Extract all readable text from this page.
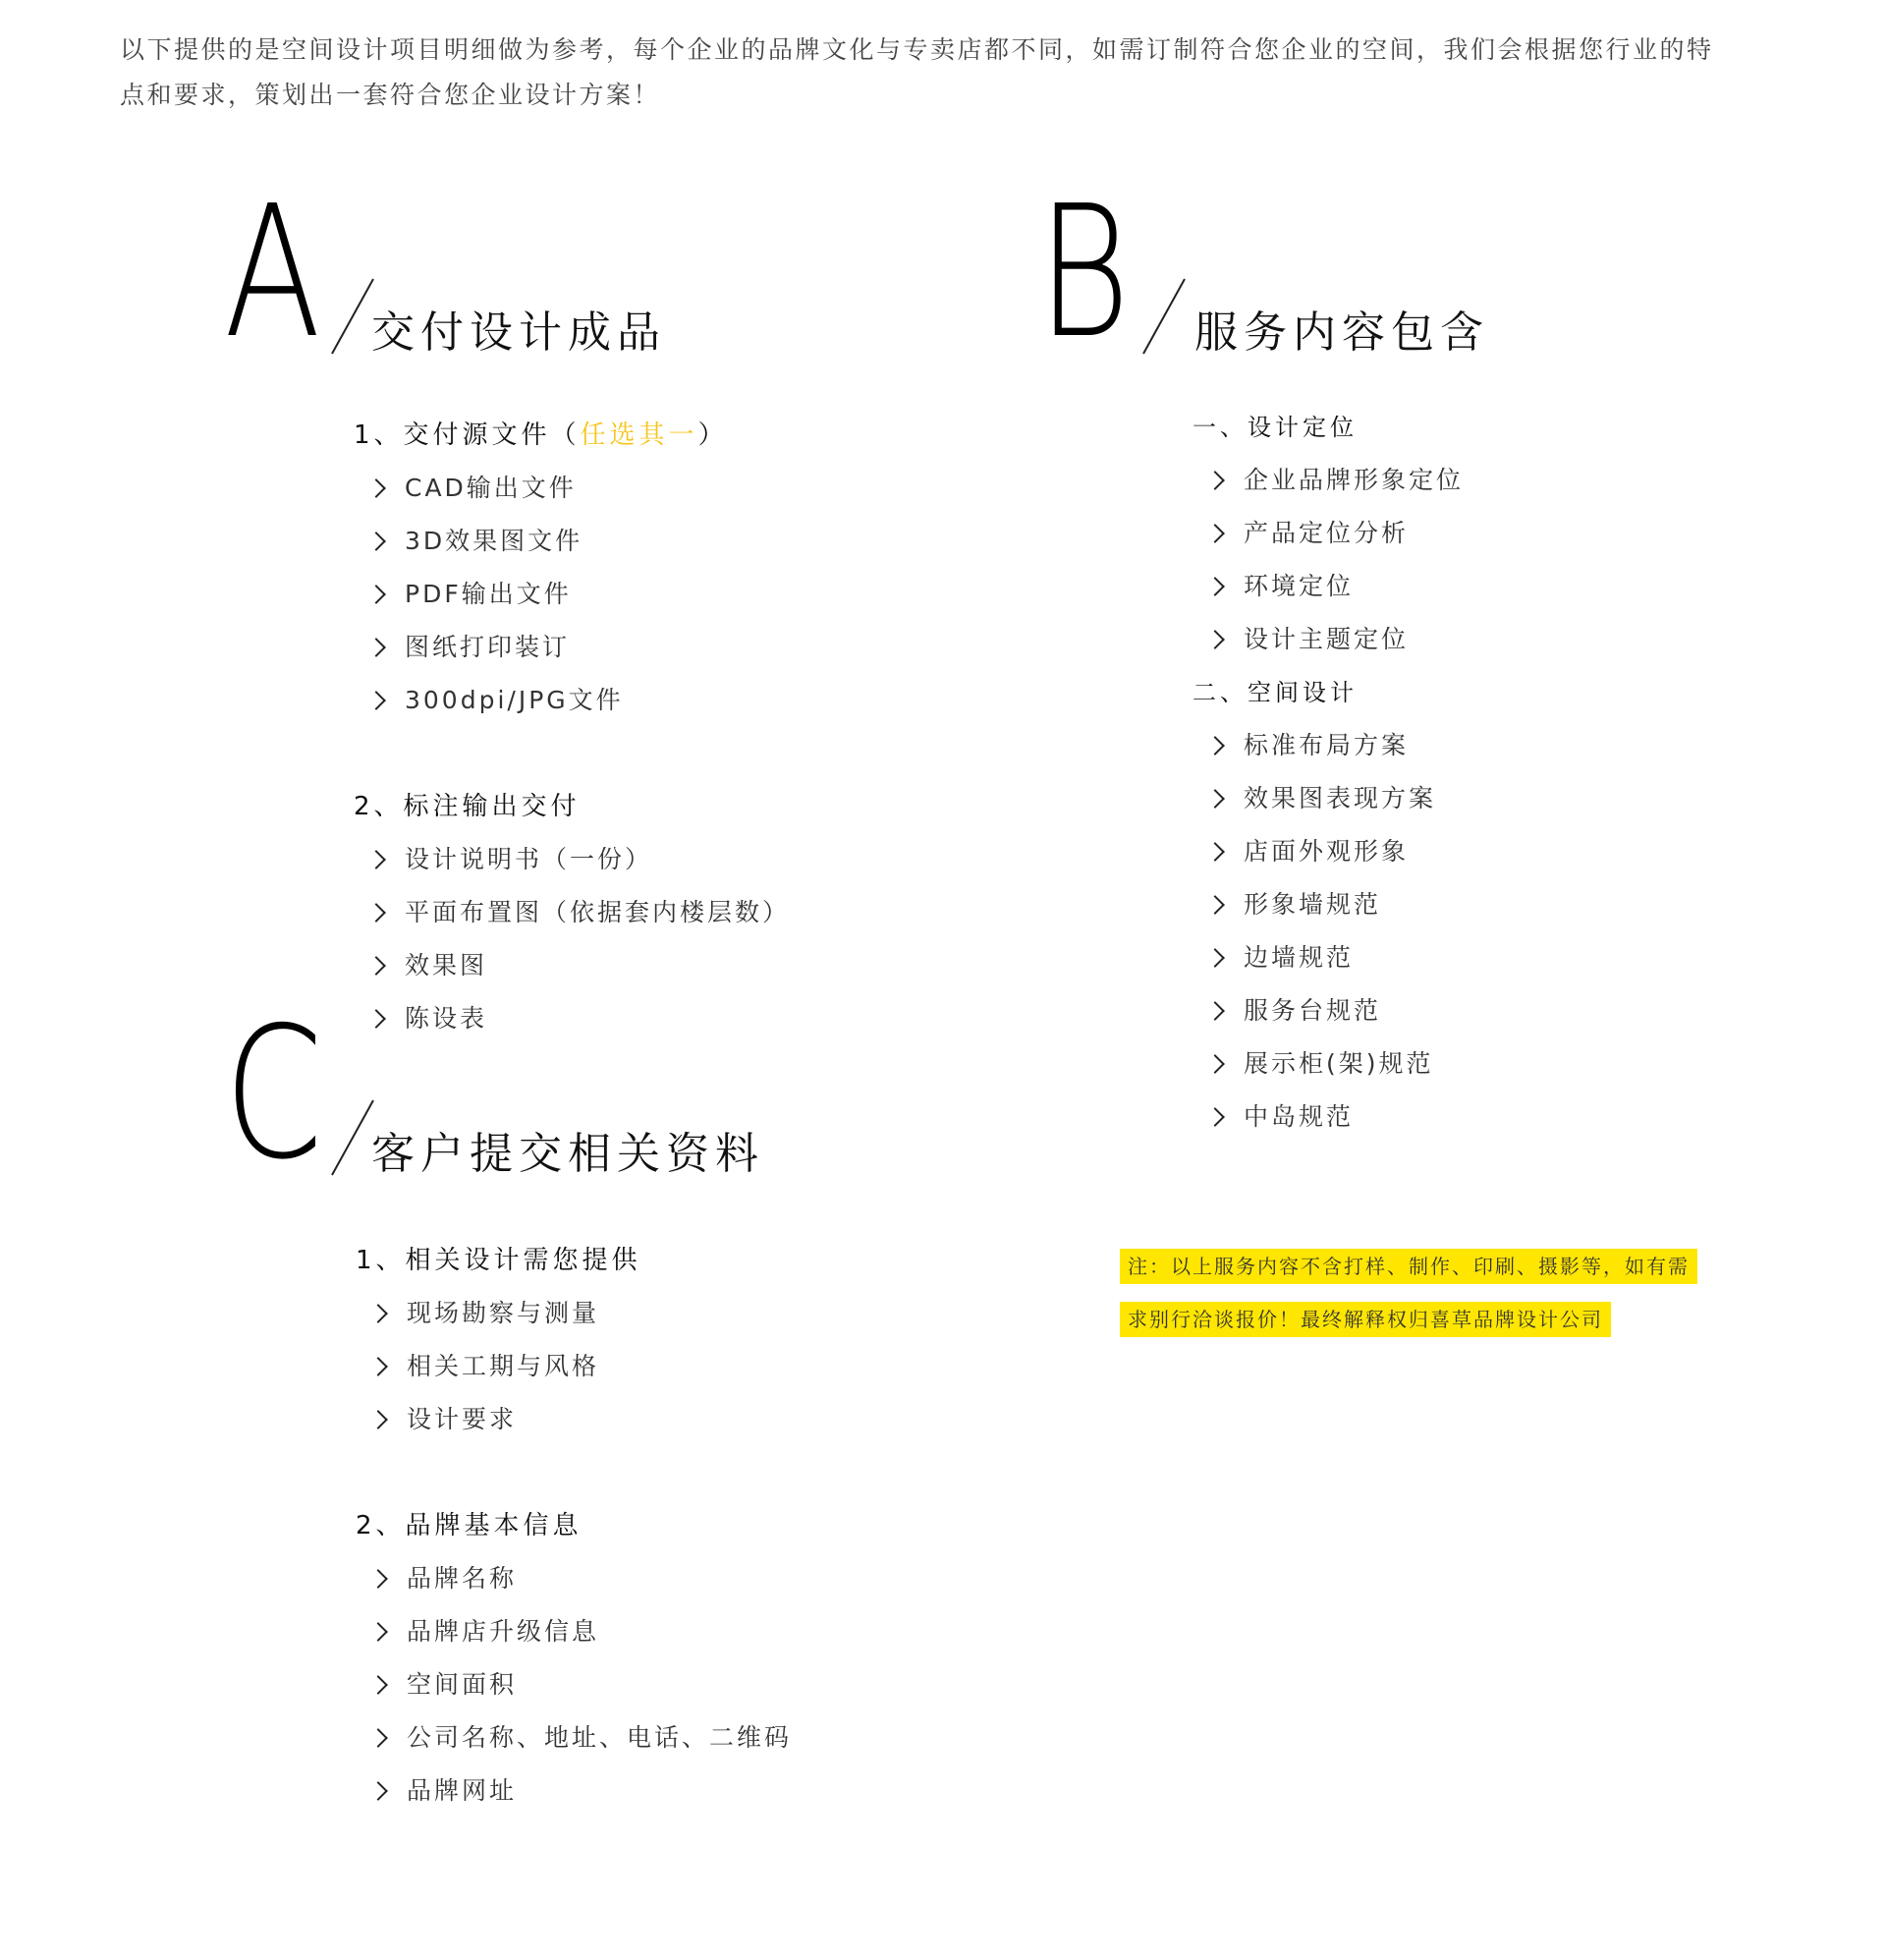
以下提供的是空间设计项目明细做为参考，每个企业的品牌文化与专卖店都不同，如需订制符合您企业的空间，我们会根据您行业的特

点和要求，策划出一套符合您企业设计方案！

A 交付设计成品
1、交付源文件（任选其一）
CAD输出文件
3D效果图文件
PDF输出文件
图纸打印装订
300dpi/JPG文件
2、标注输出交付
设计说明书（一份）
平面布置图（依据套内楼层数）
效果图
陈设表
B 服务内容包含
一、设计定位
企业品牌形象定位
产品定位分析
环境定位
设计主题定位
二、空间设计
标准布局方案
效果图表现方案
店面外观形象
形象墙规范
边墙规范
服务台规范
展示柜(架)规范
中岛规范
C 客户提交相关资料
1、相关设计需您提供
现场勘察与测量
相关工期与风格
设计要求
2、品牌基本信息
品牌名称
品牌店升级信息
空间面积
公司名称、地址、电话、二维码
品牌网址
注：以上服务内容不含打样、制作、印刷、摄影等，如有需
求别行洽谈报价！最终解释权归喜草品牌设计公司
